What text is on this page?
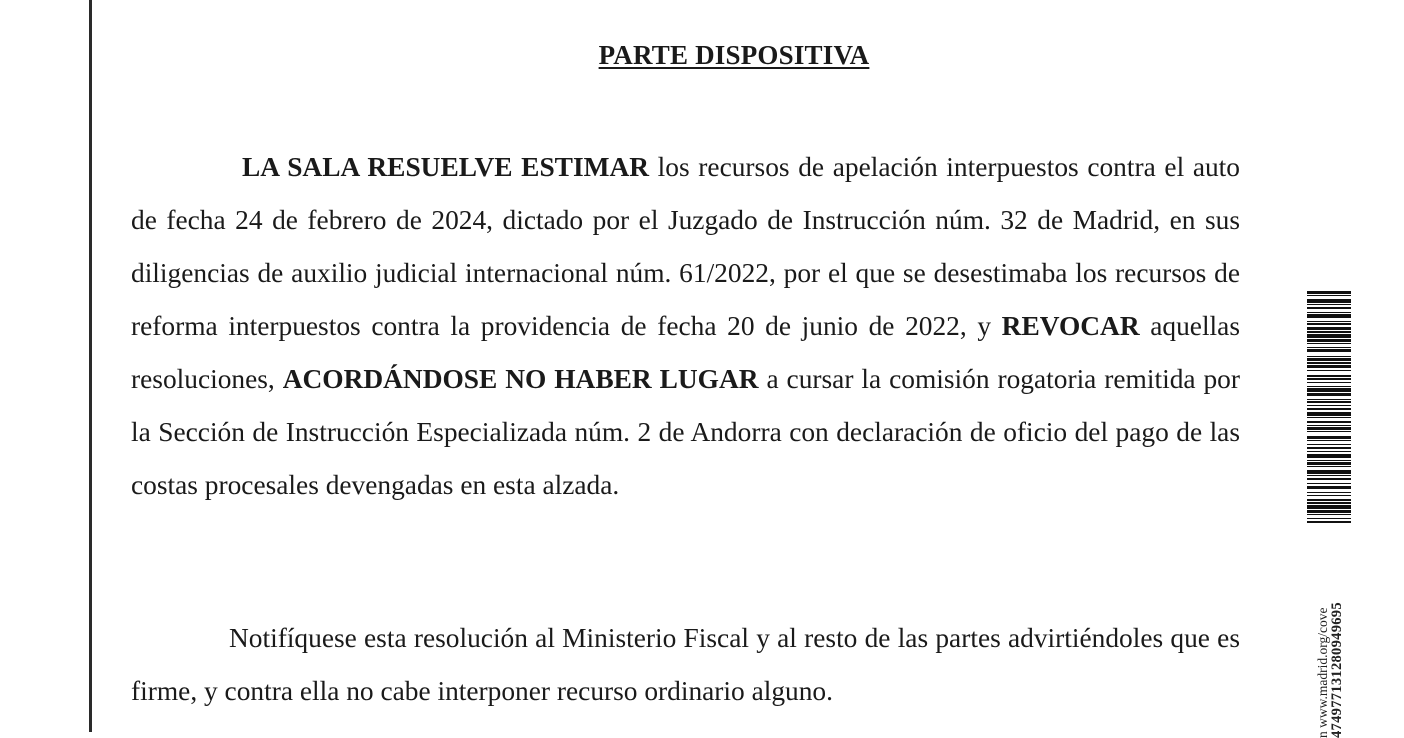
PARTE DISPOSITIVA

LA SALA RESUELVE ESTIMAR los recursos de apelación interpuestos contra el auto de fecha 24 de febrero de 2024, dictado por el Juzgado de Instrucción núm. 32 de Madrid, en sus diligencias de auxilio judicial internacional núm. 61/2022, por el que se desestimaba los recursos de reforma interpuestos contra la providencia de fecha 20 de junio de 2022, y REVOCAR aquellas resoluciones, ACORDÁNDOSE NO HABER LUGAR a cursar la comisión rogatoria remitida por la Sección de Instrucción Especializada núm. 2 de Andorra con declaración de oficio del pago de las costas procesales devengadas en esta alzada.

Notifíquese esta resolución al Ministerio Fiscal y al resto de las partes advirtiéndoles que es firme, y contra ella no cabe interponer recurso ordinario alguno.	n www.madrid.org/cove 474977131280949695
